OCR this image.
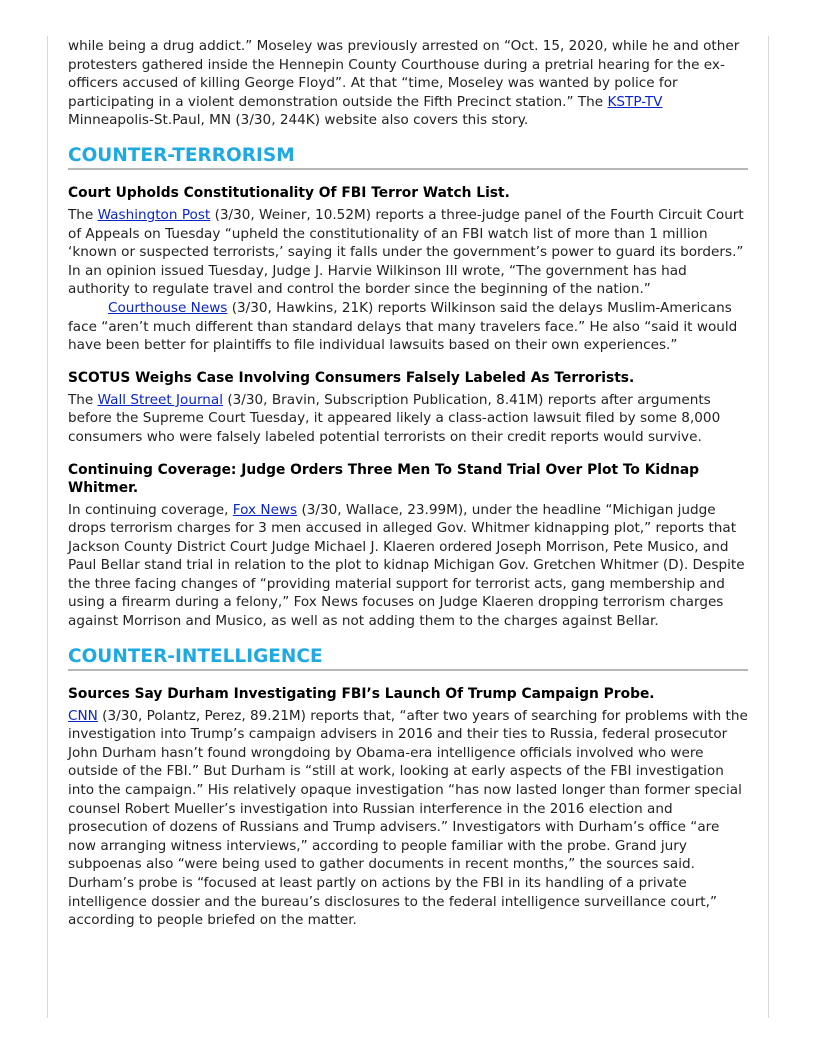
while being a drug addict.” Moseley was previously arrested on “Oct. 15, 2020, while he and other protesters gathered inside the Hennepin County Courthouse during a pretrial hearing for the ex-officers accused of killing George Floyd”. At that “time, Moseley was wanted by police for participating in a violent demonstration outside the Fifth Precinct station.” The KSTP-TV Minneapolis-St.Paul, MN (3/30, 244K) website also covers this story.

COUNTER-TERRORISM
Court Upholds Constitutionality Of FBI Terror Watch List.

The Washington Post (3/30, Weiner, 10.52M) reports a three-judge panel of the Fourth Circuit Court of Appeals on Tuesday “upheld the constitutionality of an FBI watch list of more than 1 million ‘known or suspected terrorists,’ saying it falls under the government’s power to guard its borders.” In an opinion issued Tuesday, Judge J. Harvie Wilkinson III wrote, “The government has had authority to regulate travel and control the border since the beginning of the nation.”

Courthouse News (3/30, Hawkins, 21K) reports Wilkinson said the delays Muslim-Americans face “aren’t much different than standard delays that many travelers face.” He also “said it would have been better for plaintiffs to file individual lawsuits based on their own experiences.”

SCOTUS Weighs Case Involving Consumers Falsely Labeled As Terrorists.

The Wall Street Journal (3/30, Bravin, Subscription Publication, 8.41M) reports after arguments before the Supreme Court Tuesday, it appeared likely a class-action lawsuit filed by some 8,000 consumers who were falsely labeled potential terrorists on their credit reports would survive.

Continuing Coverage: Judge Orders Three Men To Stand Trial Over Plot To Kidnap Whitmer.

In continuing coverage, Fox News (3/30, Wallace, 23.99M), under the headline “Michigan judge drops terrorism charges for 3 men accused in alleged Gov. Whitmer kidnapping plot,” reports that Jackson County District Court Judge Michael J. Klaeren ordered Joseph Morrison, Pete Musico, and Paul Bellar stand trial in relation to the plot to kidnap Michigan Gov. Gretchen Whitmer (D). Despite the three facing changes of “providing material support for terrorist acts, gang membership and using a firearm during a felony,” Fox News focuses on Judge Klaeren dropping terrorism charges against Morrison and Musico, as well as not adding them to the charges against Bellar.

COUNTER-INTELLIGENCE
Sources Say Durham Investigating FBI’s Launch Of Trump Campaign Probe.

CNN (3/30, Polantz, Perez, 89.21M) reports that, “after two years of searching for problems with the investigation into Trump’s campaign advisers in 2016 and their ties to Russia, federal prosecutor John Durham hasn’t found wrongdoing by Obama-era intelligence officials involved who were outside of the FBI.” But Durham is “still at work, looking at early aspects of the FBI investigation into the campaign.” His relatively opaque investigation “has now lasted longer than former special counsel Robert Mueller’s investigation into Russian interference in the 2016 election and prosecution of dozens of Russians and Trump advisers.” Investigators with Durham’s office “are now arranging witness interviews,” according to people familiar with the probe. Grand jury subpoenas also “were being used to gather documents in recent months,” the sources said. Durham’s probe is “focused at least partly on actions by the FBI in its handling of a private intelligence dossier and the bureau’s disclosures to the federal intelligence surveillance court,” according to people briefed on the matter.
